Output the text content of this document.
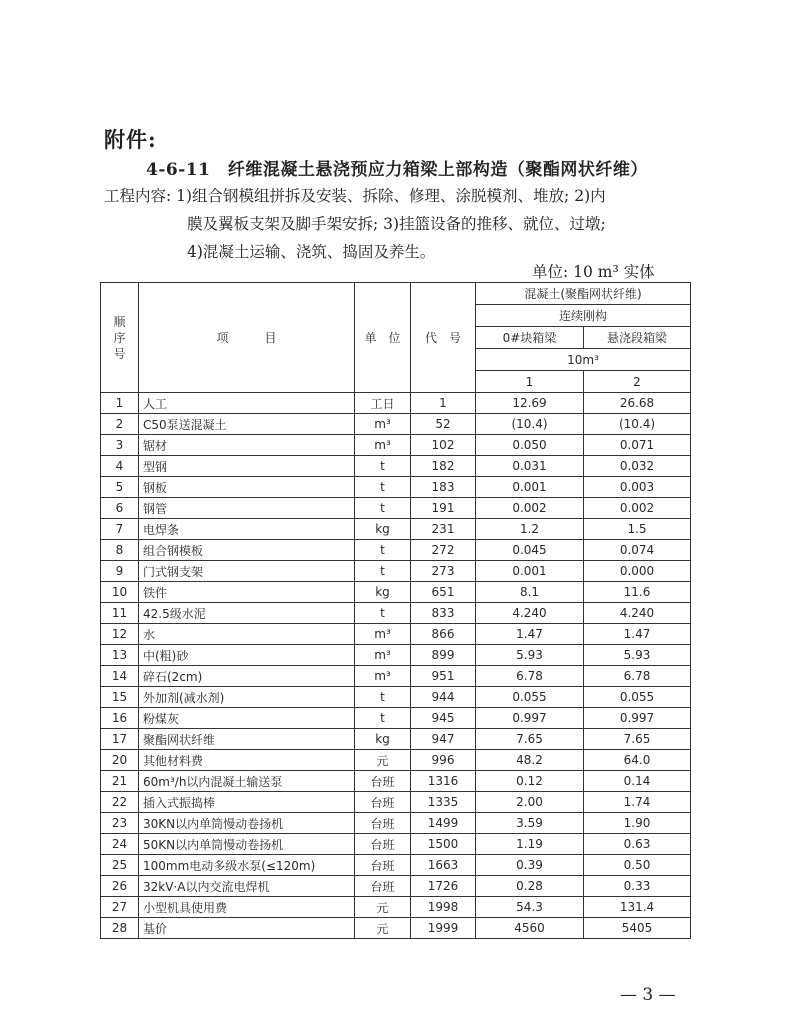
附件:
4-6-11　纤维混凝土悬浇预应力箱梁上部构造（聚酯网状纤维）
工程内容: 1)组合钢模组拼拆及安装、拆除、修理、涂脱模剂、堆放; 2)内
膜及翼板支架及脚手架安拆; 3)挂篮设备的推移、就位、过墩;
4)混凝土运输、浇筑、捣固及养生。
单位: 10 m³ 实体
顺序号	项　　　目	单　位	代　号	混凝土(聚酯网状纤维)	
				连续刚构	
				0#块箱梁	悬浇段箱梁
				10m³	
				1	2
1	人工	工日	1	12.69	26.68
2	C50泵送混凝土	m³	52	(10.4)	(10.4)
3	锯材	m³	102	0.050	0.071
4	型钢	t	182	0.031	0.032
5	钢板	t	183	0.001	0.003
6	钢管	t	191	0.002	0.002
7	电焊条	kg	231	1.2	1.5
8	组合钢模板	t	272	0.045	0.074
9	门式钢支架	t	273	0.001	0.000
10	铁件	kg	651	8.1	11.6
11	42.5级水泥	t	833	4.240	4.240
12	水	m³	866	1.47	1.47
13	中(粗)砂	m³	899	5.93	5.93
14	碎石(2cm)	m³	951	6.78	6.78
15	外加剂(减水剂)	t	944	0.055	0.055
16	粉煤灰	t	945	0.997	0.997
17	聚酯网状纤维	kg	947	7.65	7.65
20	其他材料费	元	996	48.2	64.0
21	60m³/h以内混凝土输送泵	台班	1316	0.12	0.14
22	插入式振捣棒	台班	1335	2.00	1.74
23	30KN以内单筒慢动卷扬机	台班	1499	3.59	1.90
24	50KN以内单筒慢动卷扬机	台班	1500	1.19	0.63
25	100mm电动多级水泵(≤120m)	台班	1663	0.39	0.50
26	32kV·A以内交流电焊机	台班	1726	0.28	0.33
27	小型机具使用费	元	1998	54.3	131.4
28	基价	元	1999	4560	5405
— 3 —
